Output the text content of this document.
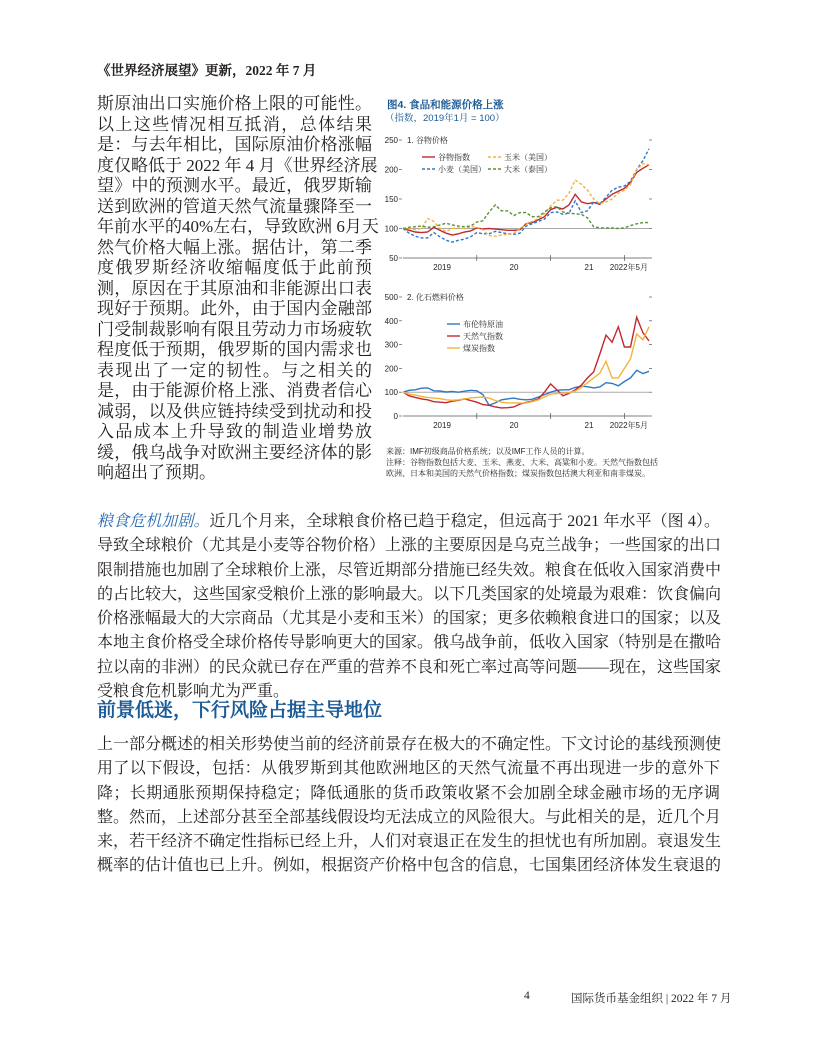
《世界经济展望》更新，2022 年 7 月
斯原油出口实施价格上限的可能性。
以上这些情况相互抵消，总体结果
是：与去年相比，国际原油价格涨幅
度仅略低于 2022 年 4 月《世界经济展
望》中的预测水平。最近，俄罗斯输
送到欧洲的管道天然气流量骤降至一
年前水平的40%左右，导致欧洲 6月天
然气价格大幅上涨。据估计，第二季
度俄罗斯经济收缩幅度低于此前预
测，原因在于其原油和非能源出口表
现好于预期。此外，由于国内金融部
门受制裁影响有限且劳动力市场疲软
程度低于预期，俄罗斯的国内需求也
表现出了一定的韧性。与之相关的
是，由于能源价格上涨、消费者信心
减弱，以及供应链持续受到扰动和投
入品成本上升导致的制造业增势放
缓，俄乌战争对欧洲主要经济体的影
响超出了预期。
图4. 食品和能源价格上涨
（指数，2019年1月 = 100）
50
100
150
200
250
2019	20	21 2022年5月
1. 谷物价格
谷物指数
小麦（美国）
玉米（美国）
大米（泰国）
0
100
200
300
400
500
2019	20	21 2022年5月
2. 化石燃料价格
布伦特原油
天然气指数
煤炭指数
来源：IMF初级商品价格系统；以及IMF工作人员的计算。
注释：谷物指数包括大麦、玉米、燕麦、大米、高粱和小麦。天然气指数包括
欧洲、日本和美国的天然气价格指数；煤炭指数包括澳大利亚和南非煤炭。
粮食危机加剧。近几个月来，全球粮食价格已趋于稳定，但远高于 2021 年水平（图 4）。
导致全球粮价（尤其是小麦等谷物价格）上涨的主要原因是乌克兰战争；一些国家的出口
限制措施也加剧了全球粮价上涨，尽管近期部分措施已经失效。粮食在低收入国家消费中
的占比较大，这些国家受粮价上涨的影响最大。以下几类国家的处境最为艰难：饮食偏向
价格涨幅最大的大宗商品（尤其是小麦和玉米）的国家；更多依赖粮食进口的国家；以及
本地主食价格受全球价格传导影响更大的国家。俄乌战争前，低收入国家（特别是在撒哈
拉以南的非洲）的民众就已存在严重的营养不良和死亡率过高等问题——现在，这些国家
受粮食危机影响尤为严重。
前景低迷，下行风险占据主导地位
上一部分概述的相关形势使当前的经济前景存在极大的不确定性。下文讨论的基线预测使
用了以下假设，包括：从俄罗斯到其他欧洲地区的天然气流量不再出现进一步的意外下
降；长期通胀预期保持稳定；降低通胀的货币政策收紧不会加剧全球金融市场的无序调
整。然而，上述部分甚至全部基线假设均无法成立的风险很大。与此相关的是，近几个月
来，若干经济不确定性指标已经上升，人们对衰退正在发生的担忧也有所加剧。衰退发生
概率的估计值也已上升。例如，根据资产价格中包含的信息，七国集团经济体发生衰退的
4	国际货币基金组织 | 2022 年 7 月
